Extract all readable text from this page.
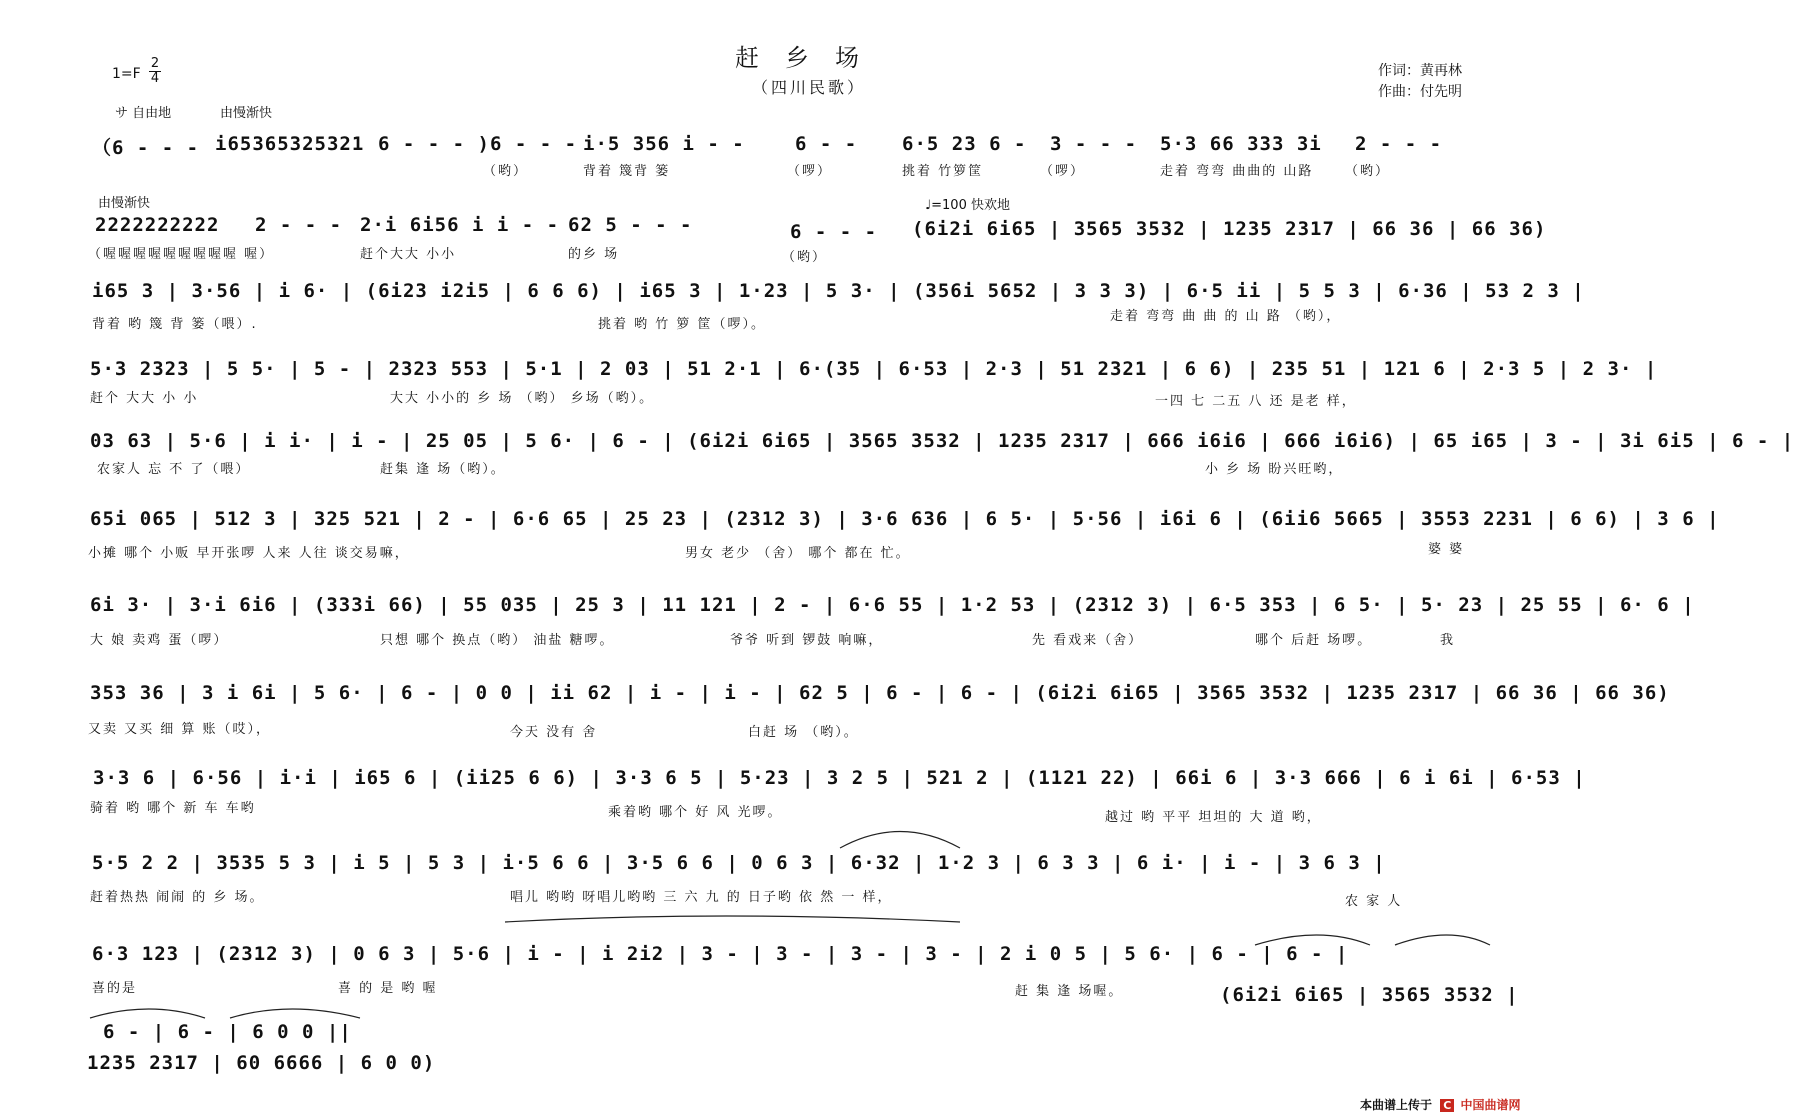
赶乡场
（四川民歌）
1=F
2
4	作词：黄再林
作曲：付先明
サ 自由地	由慢渐快
由慢渐快	♩=100 快欢地
（6 - - - i65365325321 6 - - - ) 6 - - - i·5 356 i - -	6 - - 6·5 23 6 - 3 - - - 5·3 66 333 3i 2 - - -
（哟）	背着 篾背 篓	（啰）	挑着 竹箩筐	（啰）	走着 弯弯 曲曲的 山路 （哟）
2222222222 2 - - - 2·i 6i56 i i - - 62 5 - - -	6 - - - (6i2i 6i65 | 3565 3532 | 1235 2317 | 66 36 | 66 36)
（喔喔喔喔喔喔喔喔喔 喔）	赶个大大 小小	的乡 场	（哟）
i65 3 | 3·56 | i 6· | (6i23 i2i5 | 6 6 6) | i65 3 | 1·23 | 5 3· | (356i 5652 | 3 3 3) | 6·5 ii | 5 5 3 | 6·36 | 53 2 3 |
背着 哟 篾 背 篓（喂）.	挑着 哟 竹 箩 筐（啰）。
走着 弯弯 曲 曲 的 山 路 （哟），
5·3 2323 | 5 5· | 5 - | 2323 553 | 5·1 | 2 03 | 51 2·1 | 6·(35 | 6·53 | 2·3 | 51 2321 | 6 6) | 235 51 | 121 6 | 2·3 5 | 2 3· |
赶个 大大 小 小	大大 小小的 乡 场 （哟） 乡场（哟）。	一四 七 二五 八 还 是老 样，
03 63 | 5·6 | i i· | i - | 25 05 | 5 6· | 6 - | (6i2i 6i65 | 3565 3532 | 1235 2317 | 666 i6i6 | 666 i6i6) | 65 i65 | 3 - | 3i 6i5 | 6 - |
农家人 忘 不 了（喂）	赶集 逢 场（哟）。	小 乡 场 盼兴旺哟，
65i 065 | 512 3 | 325 521 | 2 - | 6·6 65 | 25 23 | (2312 3) | 3·6 636 | 6 5· | 5·56 | i6i 6 | (6ii6 5665 | 3553 2231 | 6 6) | 3 6 |
小摊 哪个 小贩 早开张啰 人来 人往 谈交易嘛，	男女 老少 （舍） 哪个 都在 忙。	婆 婆
6i 3· | 3·i 6i6 | (333i 66) | 55 035 | 25 3 | 11 121 | 2 - | 6·6 55 | 1·2 53 | (2312 3) | 6·5 353 | 6 5· | 5· 23 | 25 55 | 6· 6 |
大 娘 卖鸡 蛋（啰）	只想 哪个 换点（哟） 油盐 糖啰。	爷爷 听到 锣鼓 响嘛，	先 看戏来（舍）	哪个 后赶 场啰。	我
353 36 | 3 i 6i | 5 6· | 6 - | 0 0 | ii 62 | i - | i - | 62 5 | 6 - | 6 - | (6i2i 6i65 | 3565 3532 | 1235 2317 | 66 36 | 66 36)
又卖 又买 细 算 账（哎），	今天 没有 舍	白赶 场 （哟）。
3·3 6 | 6·56 | i·i | i65 6 | (ii25 6 6) | 3·3 6 5 | 5·23 | 3 2 5 | 521 2 | (1121 22) | 66i 6 | 3·3 666 | 6 i 6i | 6·53 |
骑着 哟 哪个 新 车 车哟	乘着哟 哪个 好 风 光啰。	越过 哟 平平 坦坦的 大 道 哟，
5·5 2 2 | 3535 5 3 | i 5 | 5 3 | i·5 6 6 | 3·5 6 6 | 0 6 3 | 6·32 | 1·2 3 | 6 3 3 | 6 i· | i - | 3 6 3 |
赶着热热 闹闹 的 乡 场。	唱儿 哟哟 呀唱儿哟哟 三 六 九 的 日子哟 依 然 一 样，	农 家 人
6·3 123 | (2312 3) | 0 6 3 | 5·6 | i - | i 2i2 | 3 - | 3 - | 3 - | 3 - | 2 i 0 5 | 5 6· | 6 - | 6 - |
喜的是	喜 的 是 哟 喔	赶 集 逢 场喔。	(6i2i 6i65 | 3565 3532 |
6 - | 6 - | 6 0 0 ||
1235 2317 | 60 6666 | 6 0 0)
本曲谱上传于 C 中国曲谱网
